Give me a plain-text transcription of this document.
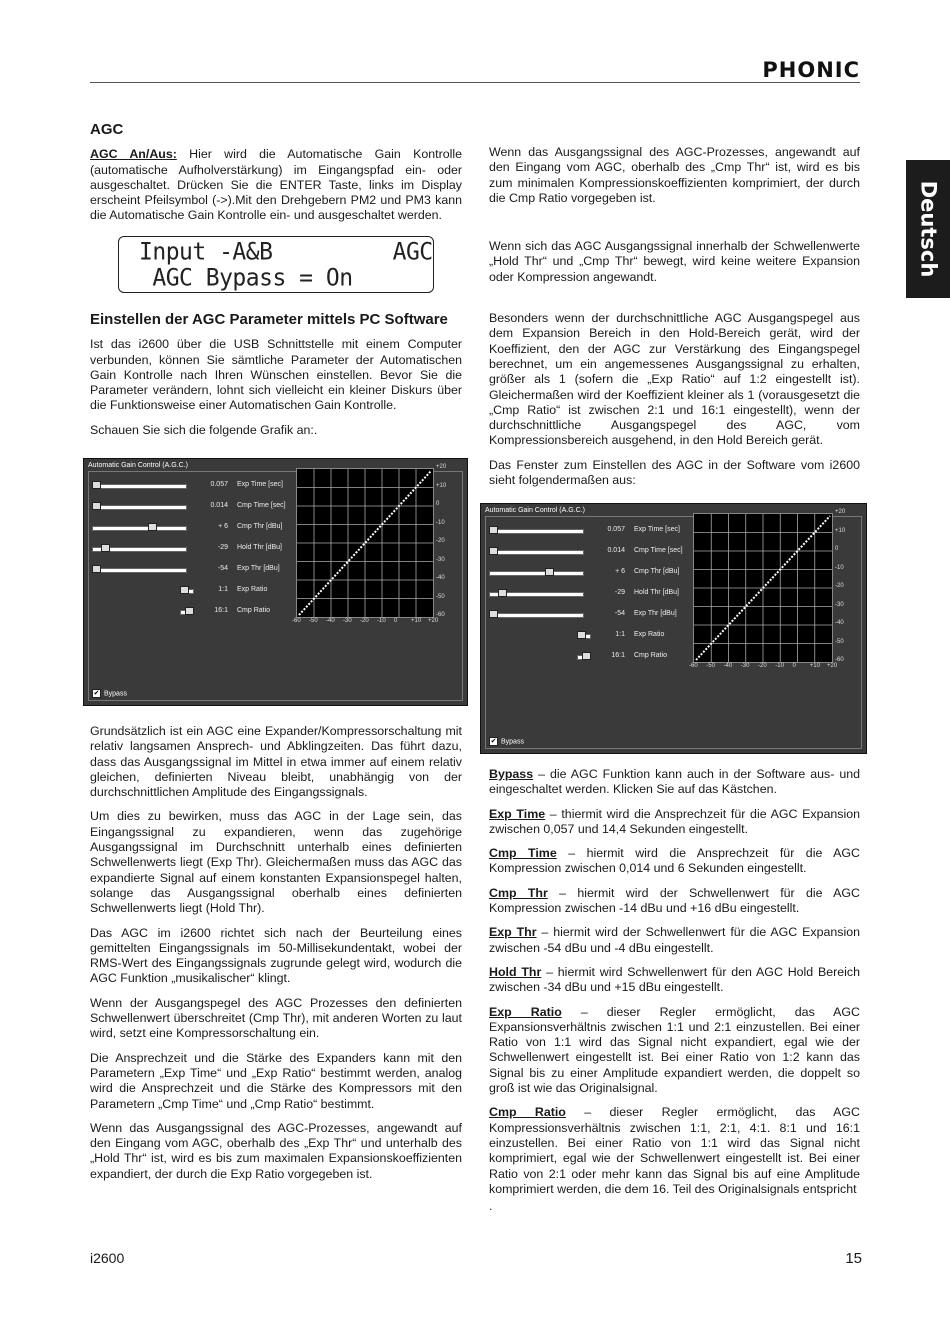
PHONIC
Deutsch
AGC

AGC An/Aus: Hier wird die Automatische Gain Kontrolle (automatische Aufholverstärkung) im Eingangspfad ein- oder ausgeschaltet. Drücken Sie die ENTER Taste, links im Display erscheint Pfeilsymbol (->).Mit den Drehgebern PM2 und PM3 kann die Automatische Gain Kontrolle ein- und ausgeschaltet werden.

Input -A&B         AGC
AGC Bypass = On
Einstellen der AGC Parameter mittels PC Software

Ist das i2600 über die USB Schnittstelle mit einem Computer verbunden, können Sie sämtliche Parameter der Automatischen Gain Kontrolle nach Ihren Wünschen einstellen. Bevor Sie die Parameter verändern, lohnt sich vielleicht ein kleiner Diskurs über die Funktionsweise einer Automatischen Gain Kontrolle.

Schauen Sie sich die folgende Grafik an:.

Automatic Gain Control (A.G.C.)
0.057 Exp Time [sec]
0.014 Cmp Time [sec]
+ 6 Cmp Thr [dBu]
-29 Hold Thr [dBu]
-54 Exp Thr [dBu]
1:1 Exp Ratio
16:1 Cmp Ratio
+20
+10
0
-10
-20
-30
-40
-50
-60
-60 -50 -40 -30 -20 -10 0 +10 +20
✔ Bypass

Grundsätzlich ist ein AGC eine Expander/Kompressorschaltung mit relativ langsamen Ansprech- und Abklingzeiten. Das führt dazu, dass das Ausgangssignal im Mittel in etwa immer auf einem relativ gleichen, definierten Niveau bleibt, unabhängig von der durchschnittlichen Amplitude des Eingangssignals.

Um dies zu bewirken, muss das AGC in der Lage sein, das Eingangssignal zu expandieren, wenn das zugehörige Ausgangssignal im Durchschnitt unterhalb eines definierten Schwellenwerts liegt (Exp Thr). Gleichermaßen muss das AGC das expandierte Signal auf einem konstanten Expansionspegel halten, solange das Ausgangssignal oberhalb eines definierten Schwellenwerts liegt (Hold Thr).

Das AGC im i2600 richtet sich nach der Beurteilung eines gemittelten Eingangssignals im 50-Millisekundentakt, wobei der RMS-Wert des Eingangssignals zugrunde gelegt wird, wodurch die AGC Funktion „musikalischer“ klingt.

Wenn der Ausgangspegel des AGC Prozesses den definierten Schwellenwert überschreitet (Cmp Thr), mit anderen Worten zu laut wird, setzt eine Kompressorschaltung ein.

Die Ansprechzeit und die Stärke des Expanders kann mit den Parametern „Exp Time“ und „Exp Ratio“ bestimmt werden, analog wird die Ansprechzeit und die Stärke des Kompressors mit den Parametern „Cmp Time“ und „Cmp Ratio“ bestimmt.

Wenn das Ausgangssignal des AGC-Prozesses, angewandt auf den Eingang vom AGC, oberhalb des „Exp Thr“ und unterhalb des „Hold Thr“ ist, wird es bis zum maximalen Expansionskoeffizienten expandiert, der durch die Exp Ratio vorgegeben ist.

Wenn das Ausgangssignal des AGC-Prozesses, angewandt auf den Eingang vom AGC, oberhalb des „Cmp Thr“ ist, wird es bis zum minimalen Kompressionskoeffizienten komprimiert, der durch die Cmp Ratio vorgegeben ist.

Wenn sich das AGC Ausgangssignal innerhalb der Schwellenwerte „Hold Thr“ und „Cmp Thr“ bewegt, wird keine weitere Expansion oder Kompression angewandt.

Besonders wenn der durchschnittliche AGC Ausgangspegel aus dem Expansion Bereich in den Hold-Bereich gerät, wird der Koeffizient, den der AGC zur Verstärkung des Eingangspegel berechnet, um ein angemessenes Ausgangssignal zu erhalten, größer als 1 (sofern die „Exp Ratio“ auf 1:2 eingestellt ist). Gleichermaßen wird der Koeffizient kleiner als 1 (vorausgesetzt die „Cmp Ratio“ ist zwischen 2:1 und 16:1 eingestellt), wenn der durchschnittliche Ausgangspegel des AGC, vom Kompressionsbereich ausgehend, in den Hold Bereich gerät.

Das Fenster zum Einstellen des AGC in der Software vom i2600 sieht folgendermaßen aus:

Automatic Gain Control (A.G.C.)
0.057 Exp Time [sec]
0.014 Cmp Time [sec]
+ 6 Cmp Thr [dBu]
-29 Hold Thr [dBu]
-54 Exp Thr [dBu]
1:1 Exp Ratio
16:1 Cmp Ratio
+20
+10
0
-10
-20
-30
-40
-50
-60
-60 -50 -40 -30 -20 -10 0 +10 +20
✔ Bypass

Bypass – die AGC Funktion kann auch in der Software aus- und eingeschaltet werden. Klicken Sie auf das Kästchen.

Exp Time – thiermit wird die Ansprechzeit für die AGC Expansion zwischen 0,057 und 14,4 Sekunden eingestellt.

Cmp Time – hiermit wird die Ansprechzeit für die AGC Kompression zwischen 0,014 und 6 Sekunden eingestellt.

Cmp Thr – hiermit wird der Schwellenwert für die AGC Kompression zwischen -14 dBu und +16 dBu eingestellt.

Exp Thr – hiermit wird der Schwellenwert für die AGC Expansion zwischen -54 dBu und -4 dBu eingestellt.

Hold Thr – hiermit wird Schwellenwert für den AGC Hold Bereich zwischen -34 dBu und +15 dBu eingestellt.

Exp Ratio – dieser Regler ermöglicht, das AGC Expansionsverhältnis zwischen 1:1 und 2:1 einzustellen. Bei einer Ratio von 1:1 wird das Signal nicht expandiert, egal wie der Schwellenwert eingestellt ist. Bei einer Ratio von 1:2 kann das Signal bis zu einer Amplitude expandiert werden, die doppelt so groß ist wie das Originalsignal.

Cmp Ratio – dieser Regler ermöglicht, das AGC Kompressionsverhältnis zwischen 1:1, 2:1, 4:1. 8:1 und 16:1 einzustellen. Bei einer Ratio von 1:1 wird das Signal nicht komprimiert, egal wie der Schwellenwert eingestellt ist. Bei einer Ratio von 2:1 oder mehr kann das Signal bis auf eine Amplitude komprimiert werden, die dem 16. Teil des Originalsignals entspricht

.

i2600	15
